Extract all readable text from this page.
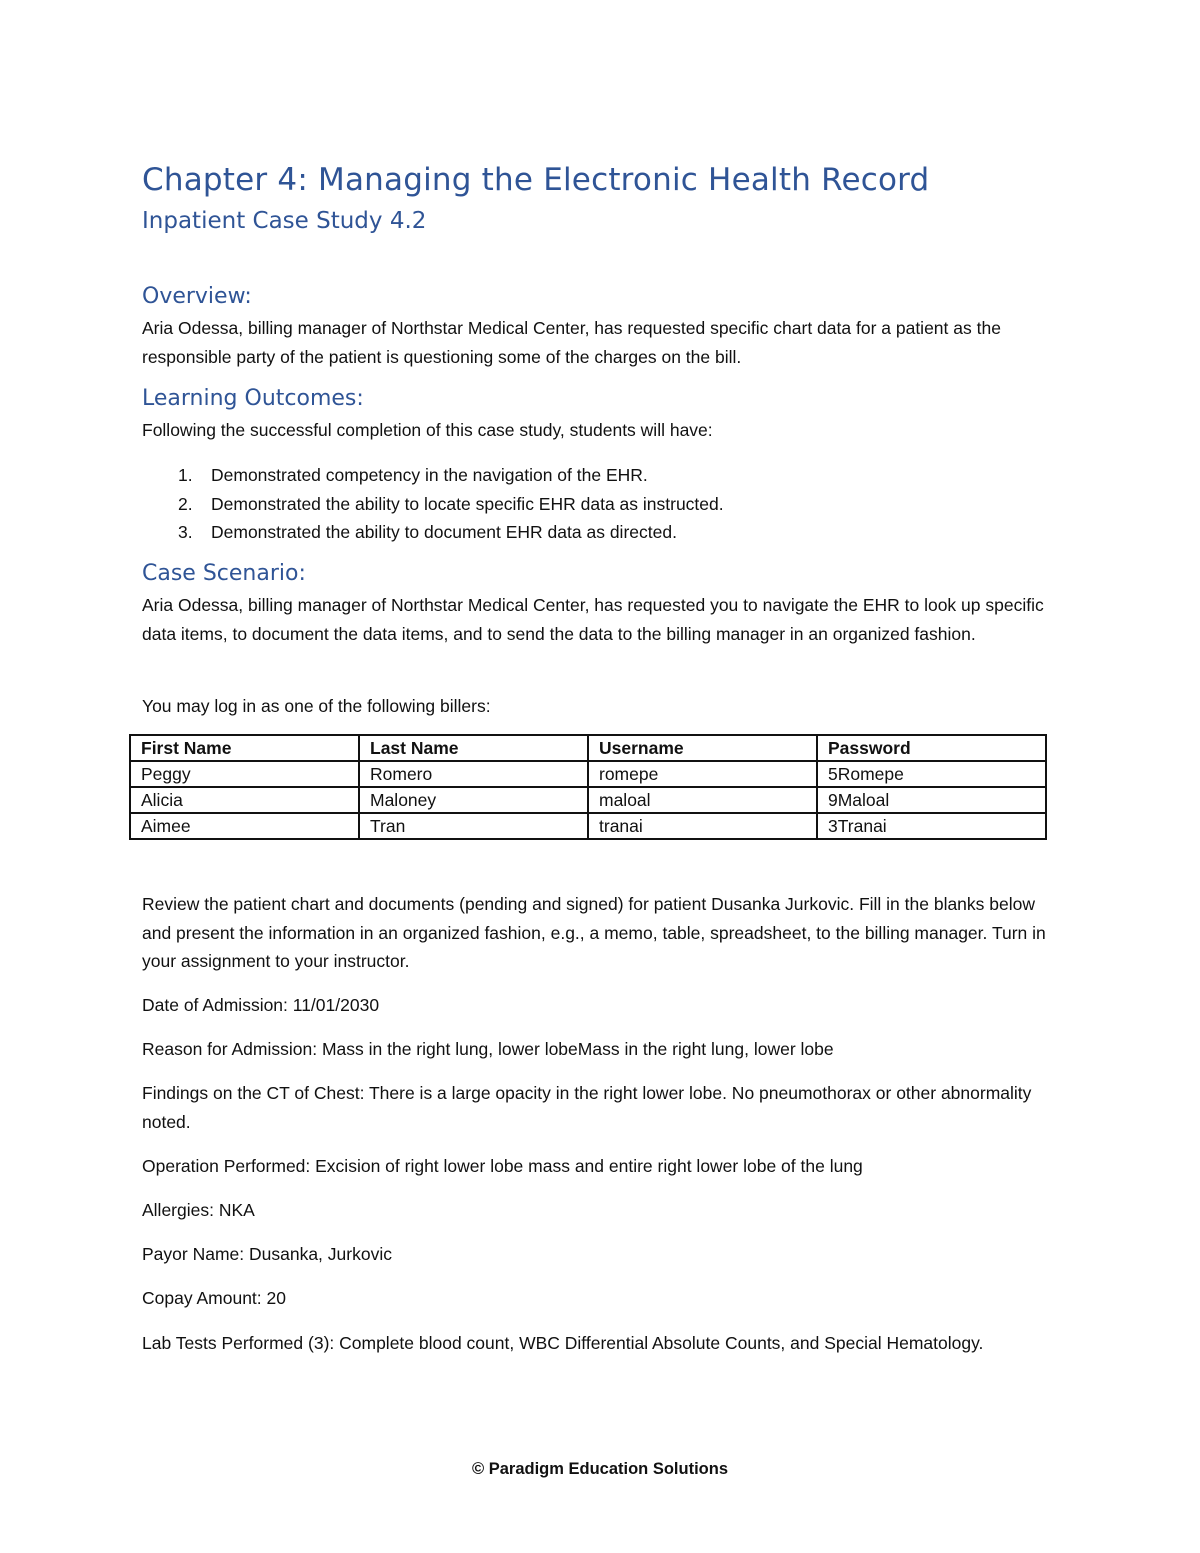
Chapter 4: Managing the Electronic Health Record
Inpatient Case Study 4.2
Overview:
Aria Odessa, billing manager of Northstar Medical Center, has requested specific chart data for a patient as the responsible party of the patient is questioning some of the charges on the bill.
Learning Outcomes:
Following the successful completion of this case study, students will have:
1. Demonstrated competency in the navigation of the EHR.
2. Demonstrated the ability to locate specific EHR data as instructed.
3. Demonstrated the ability to document EHR data as directed.
Case Scenario:
Aria Odessa, billing manager of Northstar Medical Center, has requested you to navigate the EHR to look up specific data items, to document the data items, and to send the data to the billing manager in an organized fashion.
You may log in as one of the following billers:
First Name	Last Name	Username	Password
Peggy	Romero	romepe	5Romepe
Alicia	Maloney	maloal	9Maloal
Aimee	Tran	tranai	3Tranai
Review the patient chart and documents (pending and signed) for patient Dusanka Jurkovic. Fill in the blanks below and present the information in an organized fashion, e.g., a memo, table, spreadsheet, to the billing manager. Turn in your assignment to your instructor.
Date of Admission: 11/01/2030
Reason for Admission: Mass in the right lung, lower lobeMass in the right lung, lower lobe
Findings on the CT of Chest: There is a large opacity in the right lower lobe. No pneumothorax or other abnormality noted.
Operation Performed: Excision of right lower lobe mass and entire right lower lobe of the lung
Allergies: NKA
Payor Name: Dusanka, Jurkovic
Copay Amount: 20
Lab Tests Performed (3): Complete blood count, WBC Differential Absolute Counts, and Special Hematology.
© Paradigm Education Solutions
